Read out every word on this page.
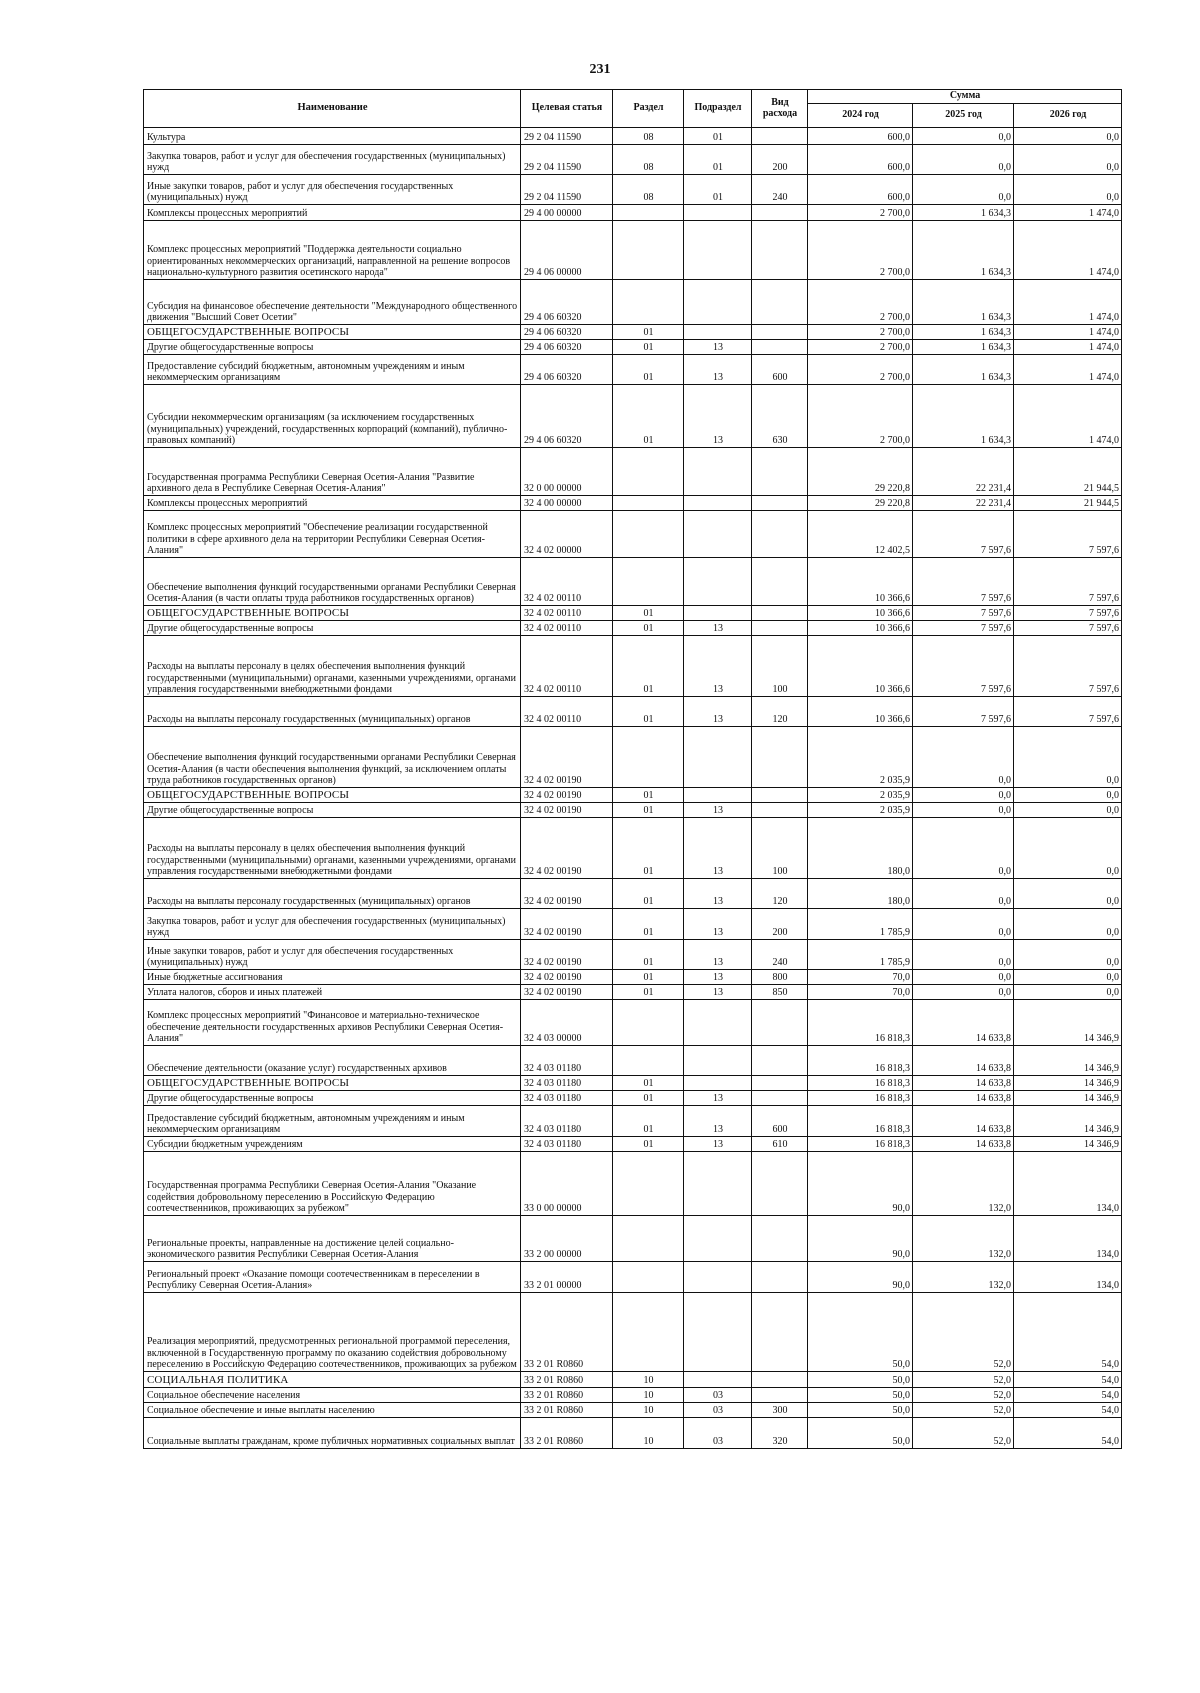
231
Наименование	Целевая статья	Раздел	Подраздел	Вид расхода	Сумма		
					2024 год	2025 год	2026 год
Культура	29 2 04 11590	08	01		600,0	0,0	0,0
Закупка товаров, работ и услуг для обеспечения государственных (муниципальных) нужд	29 2 04 11590	08	01	200	600,0	0,0	0,0
Иные закупки товаров, работ и услуг для обеспечения государственных (муниципальных) нужд	29 2 04 11590	08	01	240	600,0	0,0	0,0
Комплексы процессных мероприятий	29 4 00 00000				2 700,0	1 634,3	1 474,0
Комплекс процессных мероприятий "Поддержка деятельности социально ориентированных некоммерческих организаций, направленной на решение вопросов национально-культурного развития осетинского народа"	29 4 06 00000				2 700,0	1 634,3	1 474,0
Субсидия на финансовое обеспечение деятельности "Международного общественного движения "Высший Совет Осетии"	29 4 06 60320				2 700,0	1 634,3	1 474,0
ОБЩЕГОСУДАРСТВЕННЫЕ ВОПРОСЫ	29 4 06 60320	01			2 700,0	1 634,3	1 474,0
Другие общегосударственные вопросы	29 4 06 60320	01	13		2 700,0	1 634,3	1 474,0
Предоставление субсидий бюджетным, автономным учреждениям и иным некоммерческим организациям	29 4 06 60320	01	13	600	2 700,0	1 634,3	1 474,0
Субсидии некоммерческим организациям (за исключением государственных (муниципальных) учреждений, государственных корпораций (компаний), публично-правовых компаний)	29 4 06 60320	01	13	630	2 700,0	1 634,3	1 474,0
Государственная программа Республики Северная Осетия-Алания "Развитие архивного дела в Республике Северная Осетия-Алания"	32 0 00 00000				29 220,8	22 231,4	21 944,5
Комплексы процессных мероприятий	32 4 00 00000				29 220,8	22 231,4	21 944,5
Комплекс процессных мероприятий "Обеспечение реализации государственной политики в сфере архивного дела на территории Республики Северная Осетия-Алания"	32 4 02 00000				12 402,5	7 597,6	7 597,6
Обеспечение выполнения функций государственными органами Республики Северная Осетия-Алания (в части оплаты труда работников государственных органов)	32 4 02 00110				10 366,6	7 597,6	7 597,6
ОБЩЕГОСУДАРСТВЕННЫЕ ВОПРОСЫ	32 4 02 00110	01			10 366,6	7 597,6	7 597,6
Другие общегосударственные вопросы	32 4 02 00110	01	13		10 366,6	7 597,6	7 597,6
Расходы на выплаты персоналу в целях обеспечения выполнения функций государственными (муниципальными) органами, казенными учреждениями, органами управления государственными внебюджетными фондами	32 4 02 00110	01	13	100	10 366,6	7 597,6	7 597,6
Расходы на выплаты персоналу государственных (муниципальных) органов	32 4 02 00110	01	13	120	10 366,6	7 597,6	7 597,6
Обеспечение выполнения функций государственными органами Республики Северная Осетия-Алания (в части обеспечения выполнения функций, за исключением оплаты труда работников государственных органов)	32 4 02 00190				2 035,9	0,0	0,0
ОБЩЕГОСУДАРСТВЕННЫЕ ВОПРОСЫ	32 4 02 00190	01			2 035,9	0,0	0,0
Другие общегосударственные вопросы	32 4 02 00190	01	13		2 035,9	0,0	0,0
Расходы на выплаты персоналу в целях обеспечения выполнения функций государственными (муниципальными) органами, казенными учреждениями, органами управления государственными внебюджетными фондами	32 4 02 00190	01	13	100	180,0	0,0	0,0
Расходы на выплаты персоналу государственных (муниципальных) органов	32 4 02 00190	01	13	120	180,0	0,0	0,0
Закупка товаров, работ и услуг для обеспечения государственных (муниципальных) нужд	32 4 02 00190	01	13	200	1 785,9	0,0	0,0
Иные закупки товаров, работ и услуг для обеспечения государственных (муниципальных) нужд	32 4 02 00190	01	13	240	1 785,9	0,0	0,0
Иные бюджетные ассигнования	32 4 02 00190	01	13	800	70,0	0,0	0,0
Уплата налогов, сборов и иных платежей	32 4 02 00190	01	13	850	70,0	0,0	0,0
Комплекс процессных мероприятий "Финансовое и материально-техническое обеспечение деятельности государственных архивов Республики Северная Осетия-Алания"	32 4 03 00000				16 818,3	14 633,8	14 346,9
Обеспечение деятельности (оказание услуг) государственных архивов	32 4 03 01180				16 818,3	14 633,8	14 346,9
ОБЩЕГОСУДАРСТВЕННЫЕ ВОПРОСЫ	32 4 03 01180	01			16 818,3	14 633,8	14 346,9
Другие общегосударственные вопросы	32 4 03 01180	01	13		16 818,3	14 633,8	14 346,9
Предоставление субсидий бюджетным, автономным учреждениям и иным некоммерческим организациям	32 4 03 01180	01	13	600	16 818,3	14 633,8	14 346,9
Субсидии бюджетным учреждениям	32 4 03 01180	01	13	610	16 818,3	14 633,8	14 346,9
Государственная программа Республики Северная Осетия-Алания "Оказание содействия добровольному переселению в Российскую Федерацию соотечественников, проживающих за рубежом"	33 0 00 00000				90,0	132,0	134,0
Региональные проекты, направленные на достижение целей социально-экономического развития Республики Северная Осетия-Алания	33 2 00 00000				90,0	132,0	134,0
Региональный проект «Оказание помощи соотечественникам в переселении в Республику Северная Осетия-Алания»	33 2 01 00000				90,0	132,0	134,0
Реализация мероприятий, предусмотренных региональной программой переселения, включенной в Государственную программу по оказанию содействия добровольному переселению в Российскую Федерацию соотечественников, проживающих за рубежом	33 2 01 R0860				50,0	52,0	54,0
СОЦИАЛЬНАЯ ПОЛИТИКА	33 2 01 R0860	10			50,0	52,0	54,0
Социальное обеспечение населения	33 2 01 R0860	10	03		50,0	52,0	54,0
Социальное обеспечение и иные выплаты населению	33 2 01 R0860	10	03	300	50,0	52,0	54,0
Социальные выплаты гражданам, кроме публичных нормативных социальных выплат	33 2 01 R0860	10	03	320	50,0	52,0	54,0
